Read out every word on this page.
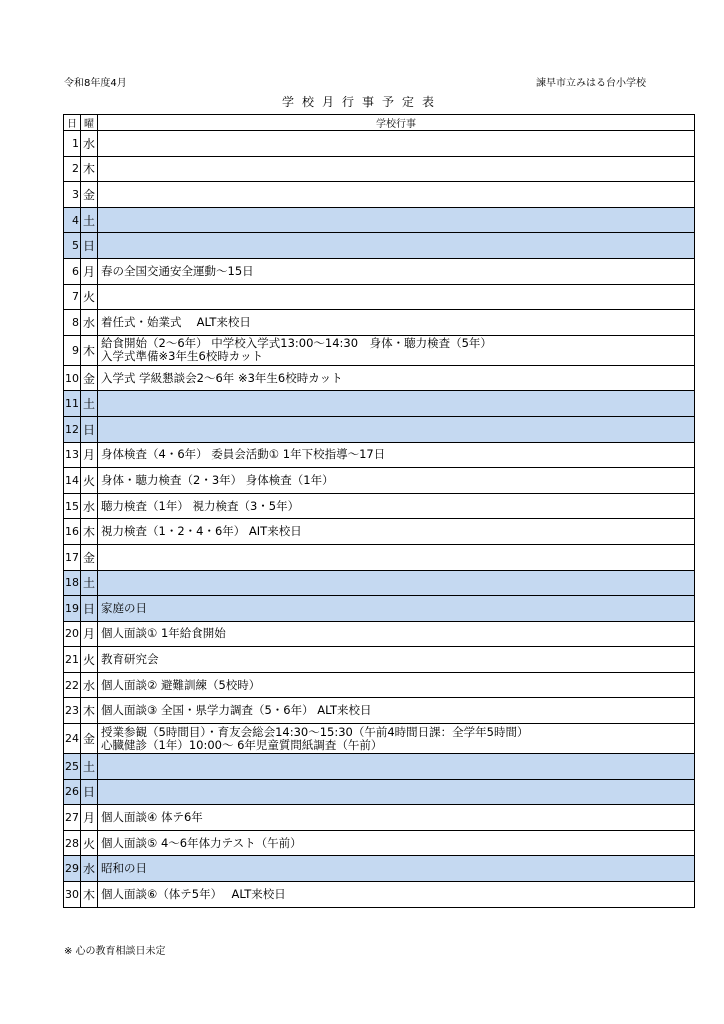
令和8年度4月	諫早市立みはる台小学校
学校月行事予定表
日	曜	学校行事
1	水	
2	木	
3	金	
4	土	
5	日	
6	月	春の全国交通安全運動～15日

7	火	
8	水	着任式・始業式　 ALT来校日

9	木	給食開始（2～6年） 中学校入学式13:00～14:30　身体・聴力検査（5年）
入学式準備※3年生6校時カット

10	金	入学式 学級懇談会2～6年 ※3年生6校時カット

11	土	
12	日	
13	月	身体検査（4・6年） 委員会活動① 1年下校指導～17日

14	火	身体・聴力検査（2・3年） 身体検査（1年）

15	水	聴力検査（1年） 視力検査（3・5年）

16	木	視力検査（1・2・4・6年） AIT来校日

17	金	
18	土	
19	日	家庭の日

20	月	個人面談① 1年給食開始

21	火	教育研究会

22	水	個人面談② 避難訓練（5校時）

23	木	個人面談③ 全国・県学力調査（5・6年） ALT来校日

24	金	授業参観（5時間目）・育友会総会14:30～15:30（午前4時間日課：全学年5時間）
心臓健診（1年）10:00～ 6年児童質問紙調査（午前）

25	土	
26	日	
27	月	個人面談④ 体テ6年

28	火	個人面談⑤ 4～6年体力テスト（午前）

29	水	昭和の日

30	木	個人面談⑥（体テ5年）　 ALT来校日
※ 心の教育相談日未定
